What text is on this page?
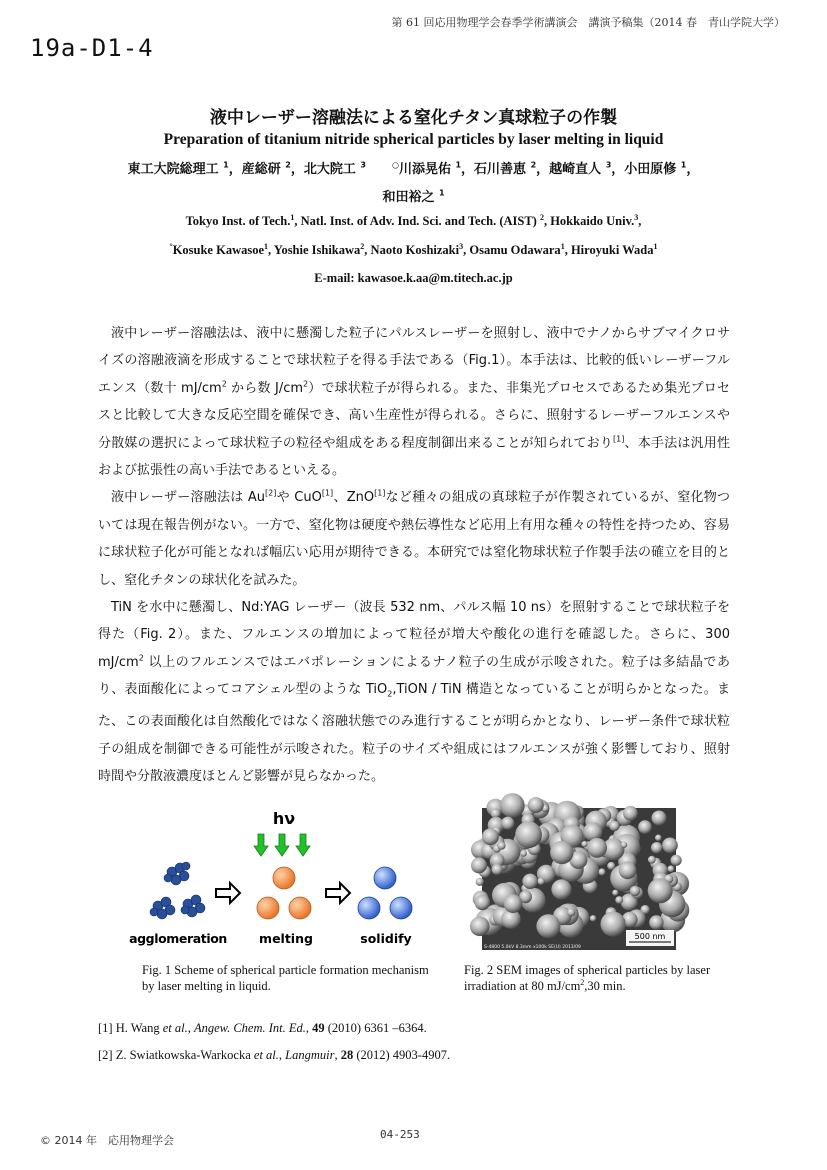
第 61 回応用物理学会春季学術講演会　講演予稿集（2014 春　青山学院大学）
19a-D1-4
液中レーザー溶融法による窒化チタン真球粒子の作製
Preparation of titanium nitride spherical particles by laser melting in liquid
東工大院総理工 $^1$，産総研 $^2$，北大院工 $^3$　　	○川添晃佑 $^1$，石川善恵 $^2$，越崎直人 $^3$，小田原修 $^1$，
和田裕之 $^1$
Tokyo Inst. of Tech.$^1$, Natl. Inst. of Adv. Ind. Sci. and Tech. (AIST) $^2$, Hokkaido Univ.$^3$,
°Kosuke Kawasoe$^1$, Yoshie Ishikawa$^2$, Naoto Koshizaki$^3$, Osamu Odawara$^1$, Hiroyuki Wada$^1$
E-mail: kawasoe.k.aa@m.titech.ac.jp

液中レーザー溶融法は、液中に懸濁した粒子にパルスレーザーを照射し、液中でナノからサブマイクロサイズの溶融液滴を形成することで球状粒子を得る手法である（Fig.1）。本手法は、比較的低いレーザーフルエンス（数十 $mJ/cm^2$ から数 $J/cm^2$）で球状粒子が得られる。また、非集光プロセスであるため集光プロセスと比較して大きな反応空間を確保でき、高い生産性が得られる。さらに、照射するレーザーフルエンスや分散媒の選択によって球状粒子の粒径や組成をある程度制御出来ることが知られており[1]、本手法は汎用性および拡張性の高い手法であるといえる。

液中レーザー溶融法は Au[2]や CuO[1]、ZnO[1]など種々の組成の真球粒子が作製されているが、窒化物ついては現在報告例がない。一方で、窒化物は硬度や熱伝導性など応用上有用な種々の特性を持つため、容易に球状粒子化が可能となれば幅広い応用が期待できる。本研究では窒化物球状粒子作製手法の確立を目的とし、窒化チタンの球状化を試みた。

TiN を水中に懸濁し、Nd:YAG レーザー（波長 532 nm、パルス幅 10 ns）を照射することで球状粒子を得た（Fig. 2）。また、フルエンスの増加によって粒径が増大や酸化の進行を確認した。さらに、300 $mJ/cm^2$ 以上のフルエンスではエバポレーションによるナノ粒子の生成が示唆された。粒子は多結晶であり、表面酸化によってコアシェル型のような TiO$_2$,TiON / TiN 構造となっていることが明らかとなった。また、この表面酸化は自然酸化ではなく溶融状態でのみ進行することが明らかとなり、レーザー条件で球状粒子の組成を制御できる可能性が示唆された。粒子のサイズや組成にはフルエンスが強く影響しており、照射時間や分散液濃度ほとんど影響が見らなかった。

hν
agglomeration	melting	solidify	500 nm
S-4800 5.0kV 8.3mm x100k SE(U) 2013/09
Fig. 1 Scheme of spherical particle formation mechanism by laser melting in liquid.
Fig. 2 SEM images of spherical particles by laser irradiation at 80 $mJ/cm^2,30$ min.
[1] H. Wang et al., Angew. Chem. Int. Ed., 49 (2010) 6361 –6364.
[2] Z. Swiatkowska-Warkocka et al., Langmuir, 28 (2012) 4903-4907.
© 2014 年　応用物理学会	04-253
